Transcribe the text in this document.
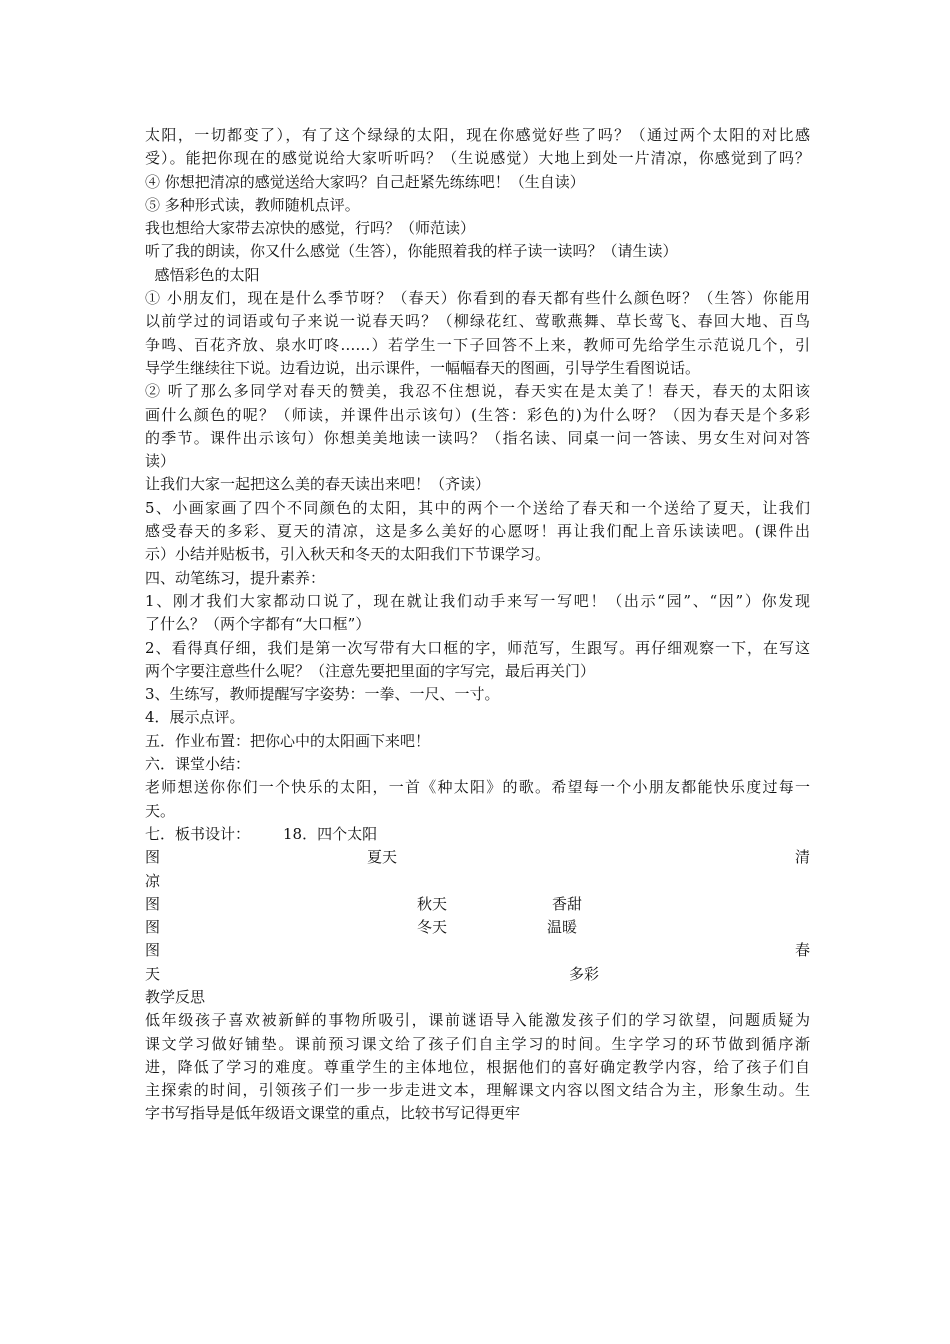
太阳，一切都变了），有了这个绿绿的太阳，现在你感觉好些了吗？（通过两个太阳的对比感
受）。能把你现在的感觉说给大家听听吗？（生说感觉）大地上到处一片清凉，你感觉到了吗？
④ 你想把清凉的感觉送给大家吗？自己赶紧先练练吧！（生自读）
⑤ 多种形式读，教师随机点评。
我也想给大家带去凉快的感觉，行吗？（师范读）
听了我的朗读，你又什么感觉（生答），你能照着我的样子读一读吗？（请生读）
感悟彩色的太阳
① 小朋友们，现在是什么季节呀？（春天）你看到的春天都有些什么颜色呀？（生答）你能用
以前学过的词语或句子来说一说春天吗？（柳绿花红、莺歌燕舞、草长莺飞、春回大地、百鸟
争鸣、百花齐放、泉水叮咚……）若学生一下子回答不上来，教师可先给学生示范说几个，引
导学生继续往下说。边看边说，出示课件，一幅幅春天的图画，引导学生看图说话。
② 听了那么多同学对春天的赞美，我忍不住想说，春天实在是太美了！春天，春天的太阳该
画什么颜色的呢？（师读，并课件出示该句）(生答：彩色的)为什么呀？（因为春天是个多彩
的季节。课件出示该句）你想美美地读一读吗？（指名读、同桌一问一答读、男女生对问对答
读）
让我们大家一起把这么美的春天读出来吧！（齐读）
5、小画家画了四个不同颜色的太阳，其中的两个一个送给了春天和一个送给了夏天，让我们
感受春天的多彩、夏天的清凉，这是多么美好的心愿呀！再让我们配上音乐读读吧。(课件出
示）小结并贴板书，引入秋天和冬天的太阳我们下节课学习。
四、动笔练习，提升素养：
1、刚才我们大家都动口说了，现在就让我们动手来写一写吧！（出示“园”、“因”）你发现
了什么？（两个字都有“大口框”）
2、看得真仔细，我们是第一次写带有大口框的字，师范写，生跟写。再仔细观察一下，在写这
两个字要注意些什么呢？（注意先要把里面的字写完，最后再关门）
3、生练写，教师提醒写字姿势：一拳、一尺、一寸。
4．展示点评。
五．作业布置：把你心中的太阳画下来吧！
六．课堂小结：
老师想送你你们一个快乐的太阳，一首《种太阳》的歌。希望每一个小朋友都能快乐度过每一
天。
七．板书设计： 18．四个太阳
图	夏天	清
凉
图	秋天	香甜
图	冬天	温暖
图	春
天	多彩
教学反思
低年级孩子喜欢被新鲜的事物所吸引，课前谜语导入能激发孩子们的学习欲望，问题质疑为
课文学习做好铺垫。课前预习课文给了孩子们自主学习的时间。生字学习的环节做到循序渐
进，降低了学习的难度。尊重学生的主体地位，根据他们的喜好确定教学内容，给了孩子们自
主探索的时间，引领孩子们一步一步走进文本，理解课文内容以图文结合为主，形象生动。生
字书写指导是低年级语文课堂的重点，比较书写记得更牢
